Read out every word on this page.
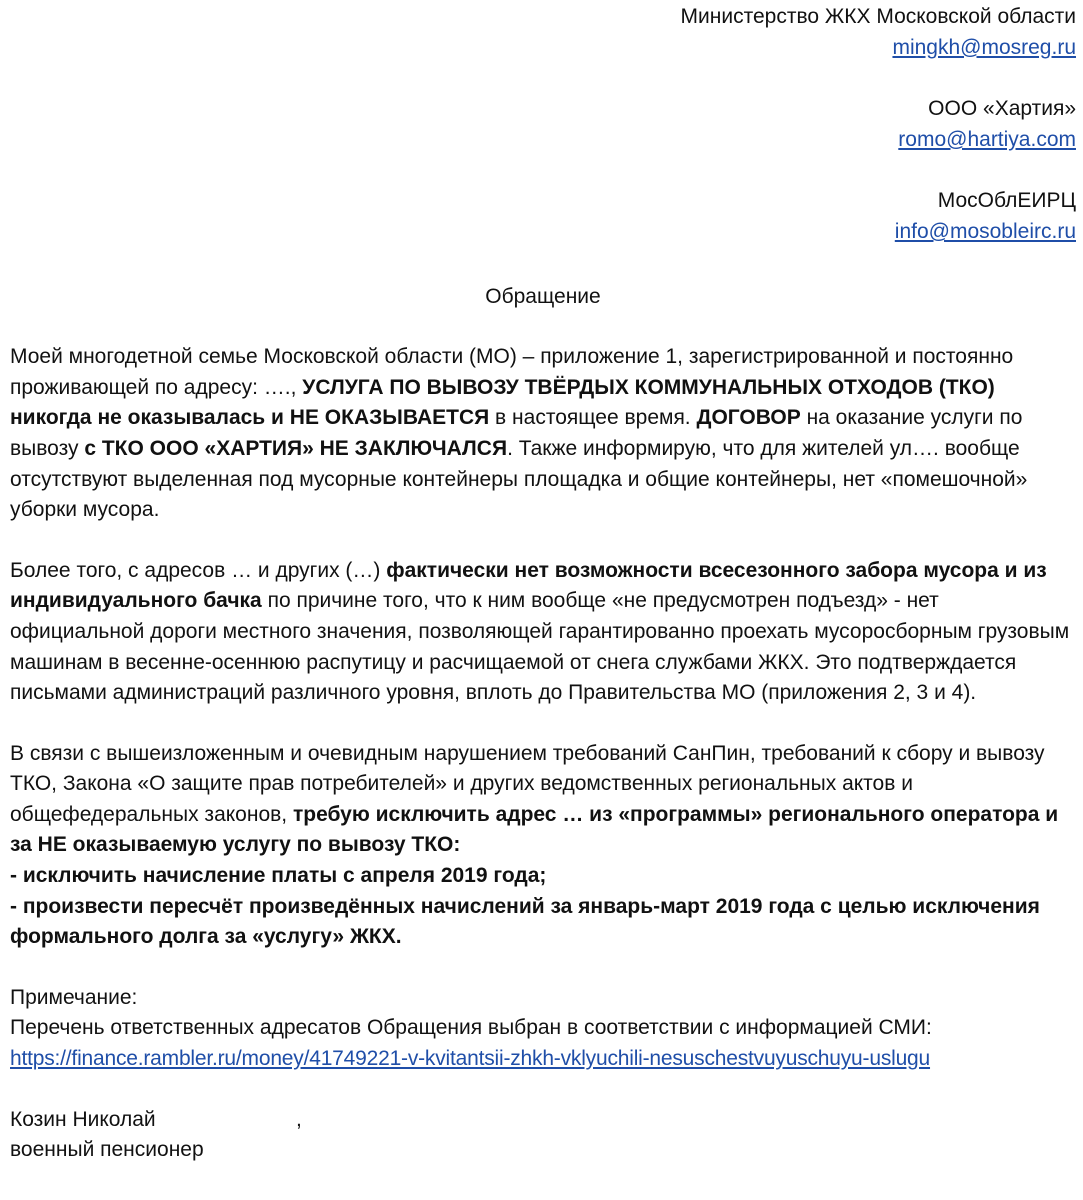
Министерство ЖКХ Московской области
mingkh@mosreg.ru
ООО «Хартия»
romo@hartiya.com
МосОблЕИРЦ
info@mosobleirc.ru
Обращение

Моей многодетной семье Московской области (МО) – приложение 1, зарегистрированной и постоянно проживающей по адресу: …., УСЛУГА ПО ВЫВОЗУ ТВЁРДЫХ КОММУНАЛЬНЫХ ОТХОДОВ (ТКО) никогда не оказывалась и НЕ ОКАЗЫВАЕТСЯ в настоящее время. ДОГОВОР на оказание услуги по вывозу с ТКО ООО «ХАРТИЯ» НЕ ЗАКЛЮЧАЛСЯ. Также информирую, что для жителей ул…. вообще отсутствуют выделенная под мусорные контейнеры площадка и общие контейнеры, нет «помешочной» уборки мусора.

Более того, с адресов … и других (…) фактически нет возможности всесезонного забора мусора и из индивидуального бачка по причине того, что к ним вообще «не предусмотрен подъезд» - нет официальной дороги местного значения, позволяющей гарантированно проехать мусоросборным грузовым машинам в весенне-осеннюю распутицу и расчищаемой от снега службами ЖКХ. Это подтверждается письмами администраций различного уровня, вплоть до Правительства МО (приложения 2, 3 и 4).

В связи с вышеизложенным и очевидным нарушением требований СанПин, требований к сбору и вывозу ТКО, Закона «О защите прав потребителей» и других ведомственных региональных актов и общефедеральных законов, требую исключить адрес … из «программы» регионального оператора и за НЕ оказываемую услугу по вывозу ТКО:
- исключить начисление платы с апреля 2019 года;
- произвести пересчёт произведённых начислений за январь-март 2019 года с целью исключения формального долга за «услугу» ЖКХ.

Примечание:

Перечень ответственных адресатов Обращения выбран в соответствии с информацией СМИ:

https://finance.rambler.ru/money/41749221-v-kvitantsii-zhkh-vklyuchili-nesuschestvuyuschuyu-uslugu

Козин Николай	,
военный пенсионер
